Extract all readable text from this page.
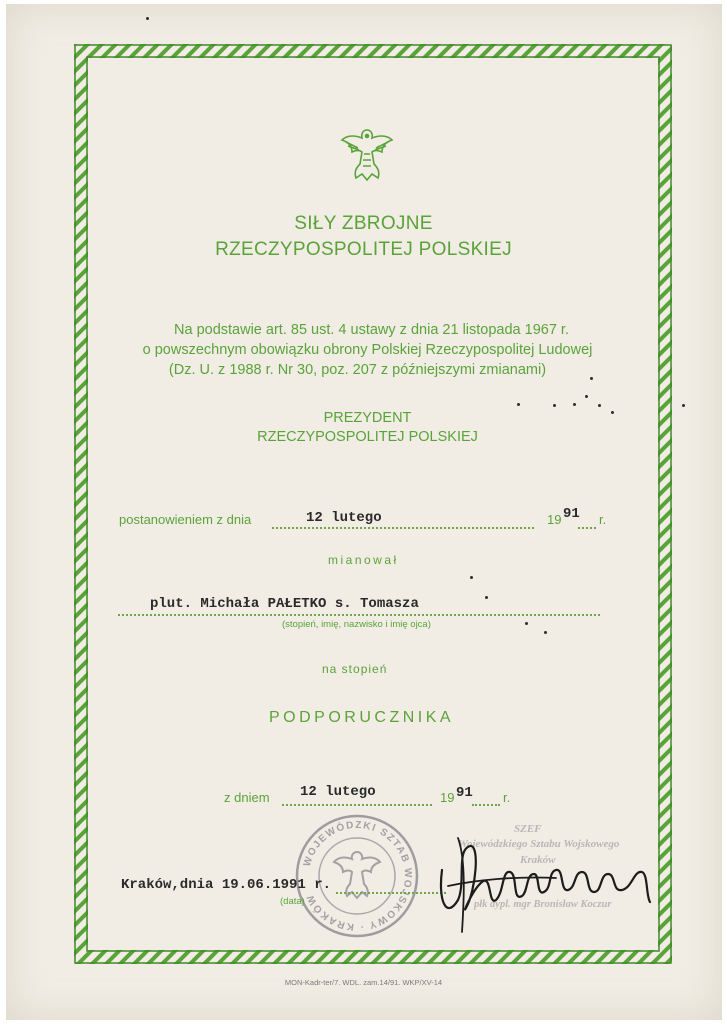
SIŁY ZBROJNE
RZECZYPOSPOLITEJ POLSKIEJ
Na podstawie art. 85 ust. 4 ustawy z dnia 21 listopada 1967 r.
o powszechnym obowiązku obrony Polskiej Rzeczypospolitej Ludowej
(Dz. U. z 1988 r. Nr 30, poz. 207 z późniejszymi zmianami)
PREZYDENT
RZECZYPOSPOLITEJ POLSKIEJ
postanowieniem z dnia	12 lutego	19 91 r.
mianował
plut. Michała PAŁETKO s. Tomasza
(stopień, imię, nazwisko i imię ojca)
na stopień
PODPORUCZNIKA
z dniem 12 lutego	19 91 r.
WOJEWÓDZKI SZTAB WOJSKOWY · KRAKÓW
SZEF
Wojewódzkiego Sztabu Wojskowego
Kraków
płk dypl. mgr Bronisław Koczur
Kraków,dnia 19.06.1991 r.
(data)
MON-Kadr-ter/7. WDL. zam.14/91. WKP/XV-14
